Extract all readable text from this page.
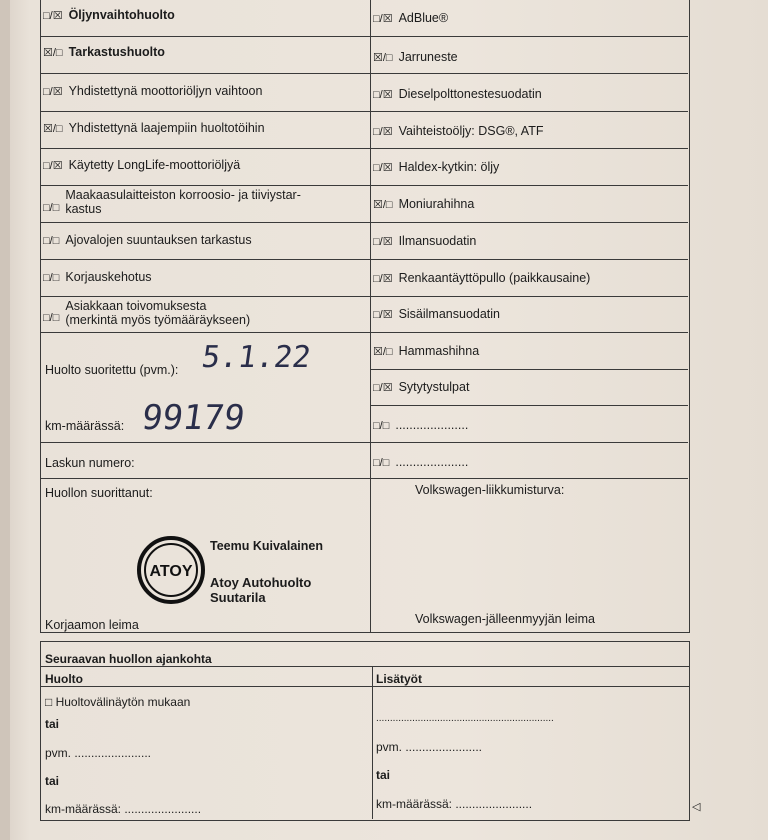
□/☒ Öljynvaihtohuolto
☒/□ Tarkastushuolto
□/☒ Yhdistettynä moottoriöljyn vaihtoon
☒/□ Yhdistettynä laajempiin huoltotöihin
□/☒ Käytetty LongLife-moottoriöljyä
□/□Maakaasulaitteiston korroosio- ja tiiviystar-
kastus
□/□ Ajovalojen suuntauksen tarkastus
□/□ Korjauskehotus
□/□Asiakkaan toivomuksesta
(merkintä myös työmääräykseen)
Huolto suoritettu (pvm.): 5.1.22
km-määrässä: 99179
Laskun numero:
Huollon suorittanut:
Korjaamon leima
ATOY
Teemu Kuivalainen
Atoy Autohuolto
Suutarila
□/☒ AdBlue®
☒/□ Jarruneste
□/☒ Dieselpolttonestesuodatin
□/☒ Vaihteistoöljy: DSG®, ATF
□/☒ Haldex-kytkin: öljy
☒/□ Moniurahihna
□/☒ Ilmansuodatin
□/☒ Renkaantäyttöpullo (paikkausaine)
□/☒ Sisäilmansuodatin
☒/□ Hammashihna
□/☒ Sytytystulpat
□/□ .....................
□/□ .....................
Volkswagen-liikkumisturva:
Volkswagen-jälleenmyyjän leima
Seuraavan huollon ajankohta
Huolto	Lisätyöt
□ Huoltovälinäytön mukaan
tai
pvm. .......................
tai
km-määrässä: .......................
................................................................
pvm. .......................
tai
km-määrässä: .......................	◁
